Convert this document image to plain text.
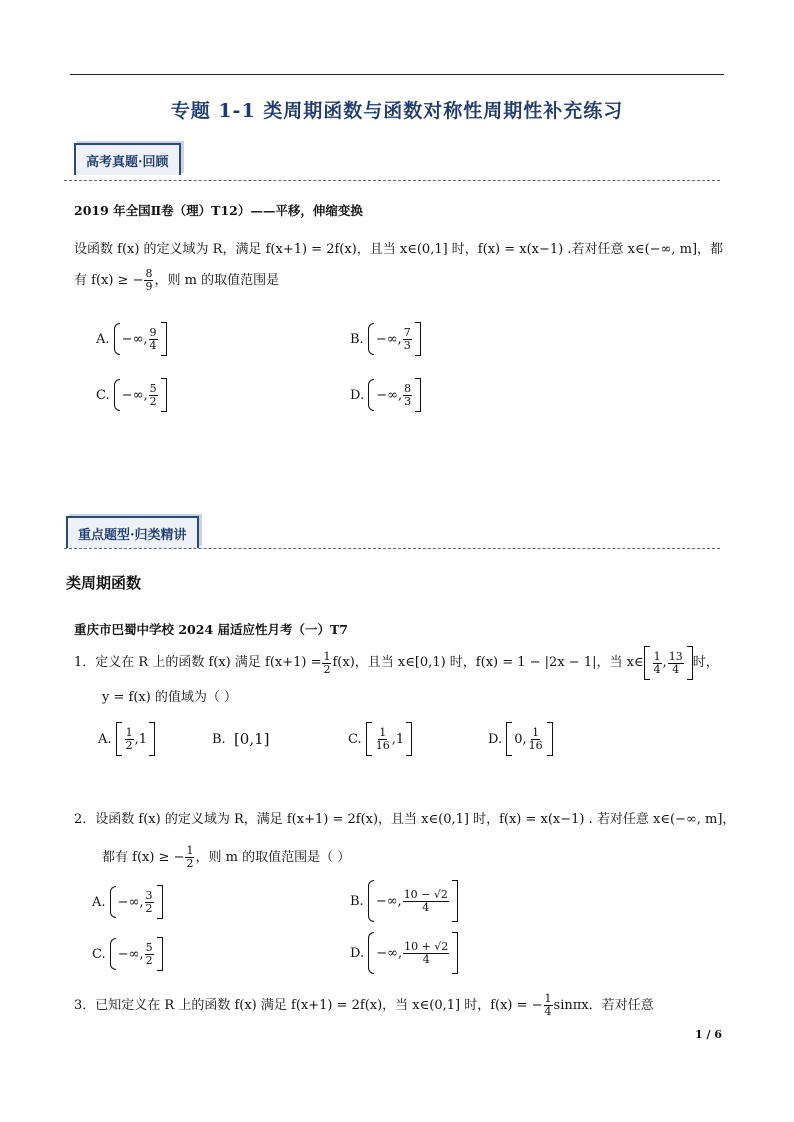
专题 1-1 类周期函数与函数对称性周期性补充练习
高考真题·回顾
2019 年全国Ⅱ卷（理）T12）——平移，伸缩变换
设函数 f(x) 的定义域为 R，满足 f(x+1) = 2f(x)，且当 x∈(0,1] 时，f(x) = x(x−1) .若对任意 x∈(−∞, m]，都
有 f(x) ≥ − $\frac{8}{9}$ ，则 m 的取值范围是
A.
−∞, $\frac{9}{4}$	B.
−∞, $\frac{7}{3}$
C.
−∞, $\frac{5}{2}$	D.
−∞, $\frac{8}{3}$
重点题型·归类精讲
类周期函数
重庆市巴蜀中学校 2024 届适应性月考（一）T7
1．定义在 R 上的函数 f(x) 满足 $f(x+1) = \frac{1}{2} f(x)$，且当 x∈[0,1) 时，f(x) = 1 − |2x − 1|，当 x∈ $\frac{1}{4}$ , $\frac{13}{4}$ 时，
y = f(x) 的值域为（ ）
A.
$\frac{1}{2} ,1$	B.
[0,1]	C.
$\frac{1}{16} ,1$	D.
0, $\frac{1}{16}$
2．设函数 f(x) 的定义域为 R，满足 f(x+1) = 2f(x)，且当 x∈(0,1] 时，f(x) = x(x−1) . 若对任意 x∈(−∞, m]，
都有 f(x) ≥ − $\frac{1}{2}$ ，则 m 的取值范围是（ ）
A.
−∞, $\frac{3}{2}$	B.
−∞, $\frac{10 - √2}{4}$
C.
−∞, $\frac{5}{2}$	D.
−∞, $\frac{10 + √2}{4}$
3．已知定义在 R 上的函数 f(x) 满足 f(x+1) = 2f(x)，当 x∈(0,1] 时，f(x) = − $\frac{1}{4}$ sinπx．若对任意
1 / 6
